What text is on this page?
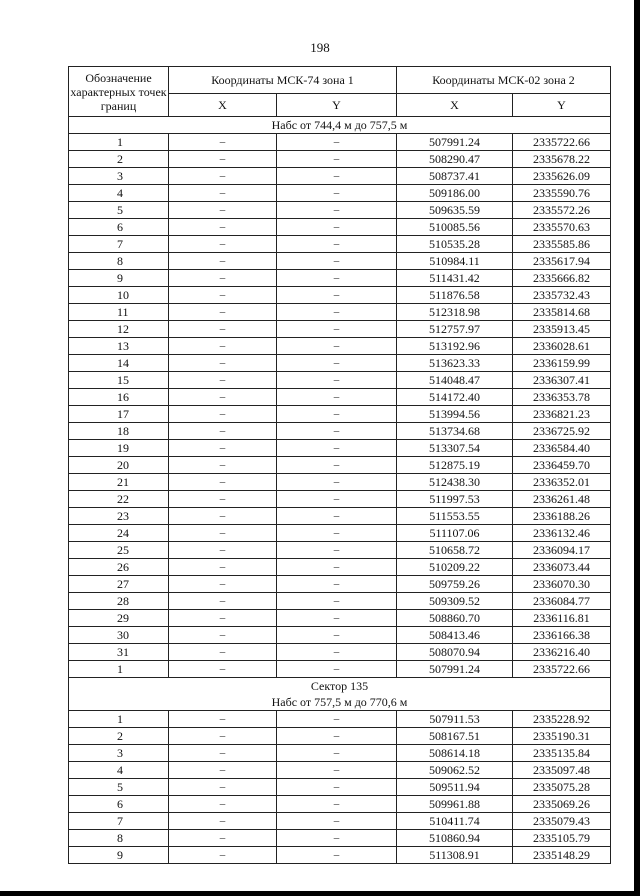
198
Обозначение характерных точек границ	Координаты МСК-74 зона 1		Координаты МСК-02 зона 2	
	X	Y	X	Y

Набс от 744,4 м до 757,5 м				

1	–	–	507991.24	2335722.66
2	–	–	508290.47	2335678.22
3	–	–	508737.41	2335626.09
4	–	–	509186.00	2335590.76
5	–	–	509635.59	2335572.26
6	–	–	510085.56	2335570.63
7	–	–	510535.28	2335585.86
8	–	–	510984.11	2335617.94
9	–	–	511431.42	2335666.82
10	–	–	511876.58	2335732.43
11	–	–	512318.98	2335814.68
12	–	–	512757.97	2335913.45
13	–	–	513192.96	2336028.61
14	–	–	513623.33	2336159.99
15	–	–	514048.47	2336307.41
16	–	–	514172.40	2336353.78
17	–	–	513994.56	2336821.23
18	–	–	513734.68	2336725.92
19	–	–	513307.54	2336584.40
20	–	–	512875.19	2336459.70
21	–	–	512438.30	2336352.01
22	–	–	511997.53	2336261.48
23	–	–	511553.55	2336188.26
24	–	–	511107.06	2336132.46
25	–	–	510658.72	2336094.17
26	–	–	510209.22	2336073.44
27	–	–	509759.26	2336070.30
28	–	–	509309.52	2336084.77
29	–	–	508860.70	2336116.81
30	–	–	508413.46	2336166.38
31	–	–	508070.94	2336216.40
1	–	–	507991.24	2335722.66

Сектор 135
Набс от 757,5 м до 770,6 м				

1	–	–	507911.53	2335228.92
2	–	–	508167.51	2335190.31
3	–	–	508614.18	2335135.84
4	–	–	509062.52	2335097.48
5	–	–	509511.94	2335075.28
6	–	–	509961.88	2335069.26
7	–	–	510411.74	2335079.43
8	–	–	510860.94	2335105.79
9	–	–	511308.91	2335148.29
